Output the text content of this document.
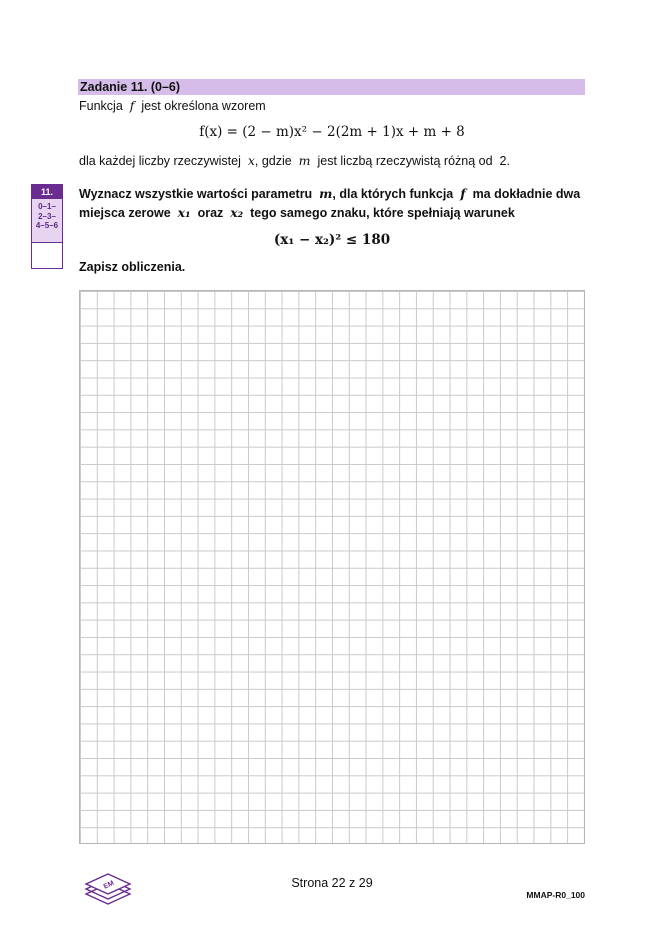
Zadanie 11. (0–6)
Funkcja f jest określona wzorem
f(x) = (2 − m)x² − 2(2m + 1)x + m + 8
dla każdej liczby rzeczywistej x, gdzie m jest liczbą rzeczywistą różną od 2.
11.
0–1–
2–3–
4–5–6
Wyznacz wszystkie wartości parametru m, dla których funkcja f ma dokładnie dwa
miejsca zerowe x₁ oraz x₂ tego samego znaku, które spełniają warunek
(x₁ − x₂)² ≤ 180
Zapisz obliczenia.
EM	Strona 22 z 29
MMAP-R0_100
